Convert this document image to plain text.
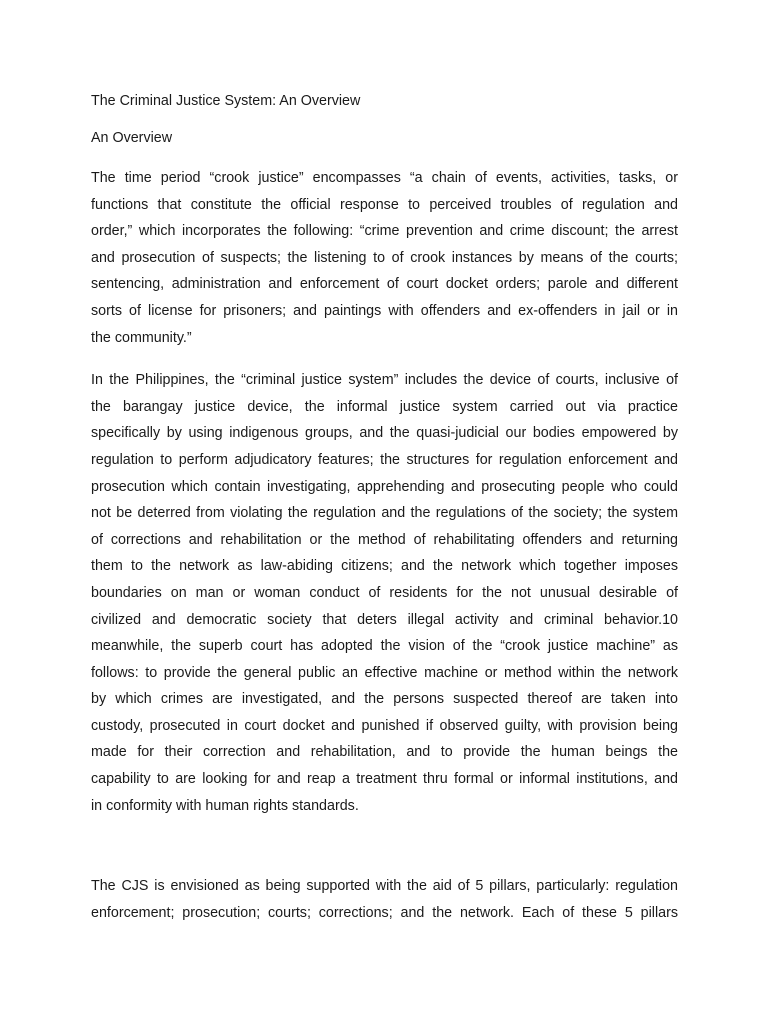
The Criminal Justice System: An Overview

An Overview

The time period “crook justice” encompasses “a chain of events, activities, tasks, or
functions that constitute the official response to perceived troubles of regulation and
order,” which incorporates the following: “crime prevention and crime discount; the arrest
and prosecution of suspects; the listening to of crook instances by means of the courts;
sentencing, administration and enforcement of court docket orders; parole and different
sorts of license for prisoners; and paintings with offenders and ex-offenders in jail or in
the community.”
In the Philippines, the “criminal justice system” includes the device of courts, inclusive of
the barangay justice device, the informal justice system carried out via practice
specifically by using indigenous groups, and the quasi-judicial our bodies empowered by
regulation to perform adjudicatory features; the structures for regulation enforcement and
prosecution which contain investigating, apprehending and prosecuting people who could
not be deterred from violating the regulation and the regulations of the society; the system
of corrections and rehabilitation or the method of rehabilitating offenders and returning
them to the network as law-abiding citizens; and the network which together imposes
boundaries on man or woman conduct of residents for the not unusual desirable of
civilized and democratic society that deters illegal activity and criminal behavior.10
meanwhile, the superb court has adopted the vision of the “crook justice machine” as
follows: to provide the general public an effective machine or method within the network
by which crimes are investigated, and the persons suspected thereof are taken into
custody, prosecuted in court docket and punished if observed guilty, with provision being
made for their correction and rehabilitation, and to provide the human beings the
capability to are looking for and reap a treatment thru formal or informal institutions, and
in conformity with human rights standards.
The CJS is envisioned as being supported with the aid of 5 pillars, particularly: regulation
enforcement; prosecution; courts; corrections; and the network. Each of these 5 pillars
